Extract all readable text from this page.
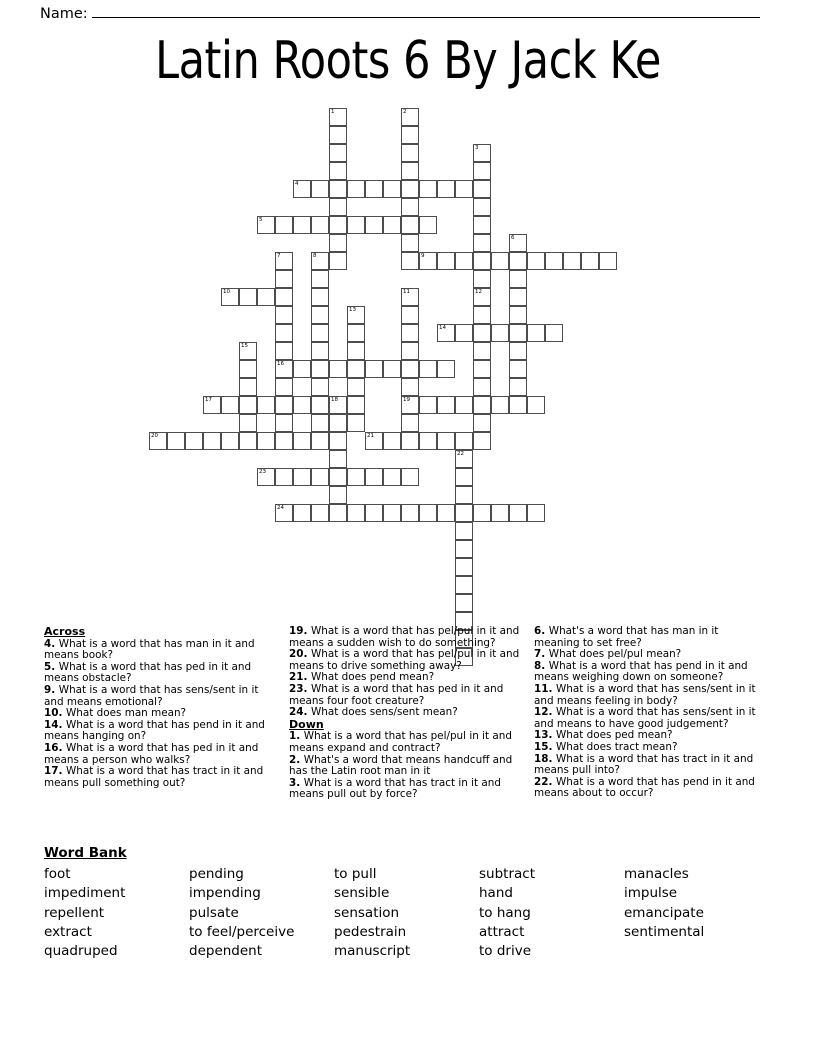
Name:
Latin Roots 6 By Jack Ke
1	2
3
4
5
6
7	8	9
10	11	12
13
14
15
16
17	18	19
20	21
22
23
24
Across

4. What is a word that has man in it and means book?

5. What is a word that has ped in it and means obstacle?

9. What is a word that has sens/sent in it and means emotional?

10. What does man mean?

14. What is a word that has pend in it and means hanging on?

16. What is a word that has ped in it and means a person who walks?

17. What is a word that has tract in it and means pull something out?

19. What is a word that has pel/pul in it and means a sudden wish to do something?

20. What is a word that has pel/pul in it and means to drive something away?

21. What does pend mean?

23. What is a word that has ped in it and means four foot creature?

24. What does sens/sent mean?

Down

1. What is a word that has pel/pul in it and means expand and contract?

2. What's a word that means handcuff and has the Latin root man in it

3. What is a word that has tract in it and means pull out by force?

6. What's a word that has man in it meaning to set free?

7. What does pel/pul mean?

8. What is a word that has pend in it and means weighing down on someone?

11. What is a word that has sens/sent in it and means feeling in body?

12. What is a word that has sens/sent in it and means to have good judgement?

13. What does ped mean?

15. What does tract mean?

18. What is a word that has tract in it and means pull into?

22. What is a word that has pend in it and means about to occur?

Word Bank
foot
impediment
repellent
extract
quadruped
pending
impending
pulsate
to feel/perceive
dependent
to pull
sensible
sensation
pedestrain
manuscript
subtract
hand
to hang
attract
to drive
manacles
impulse
emancipate
sentimental
